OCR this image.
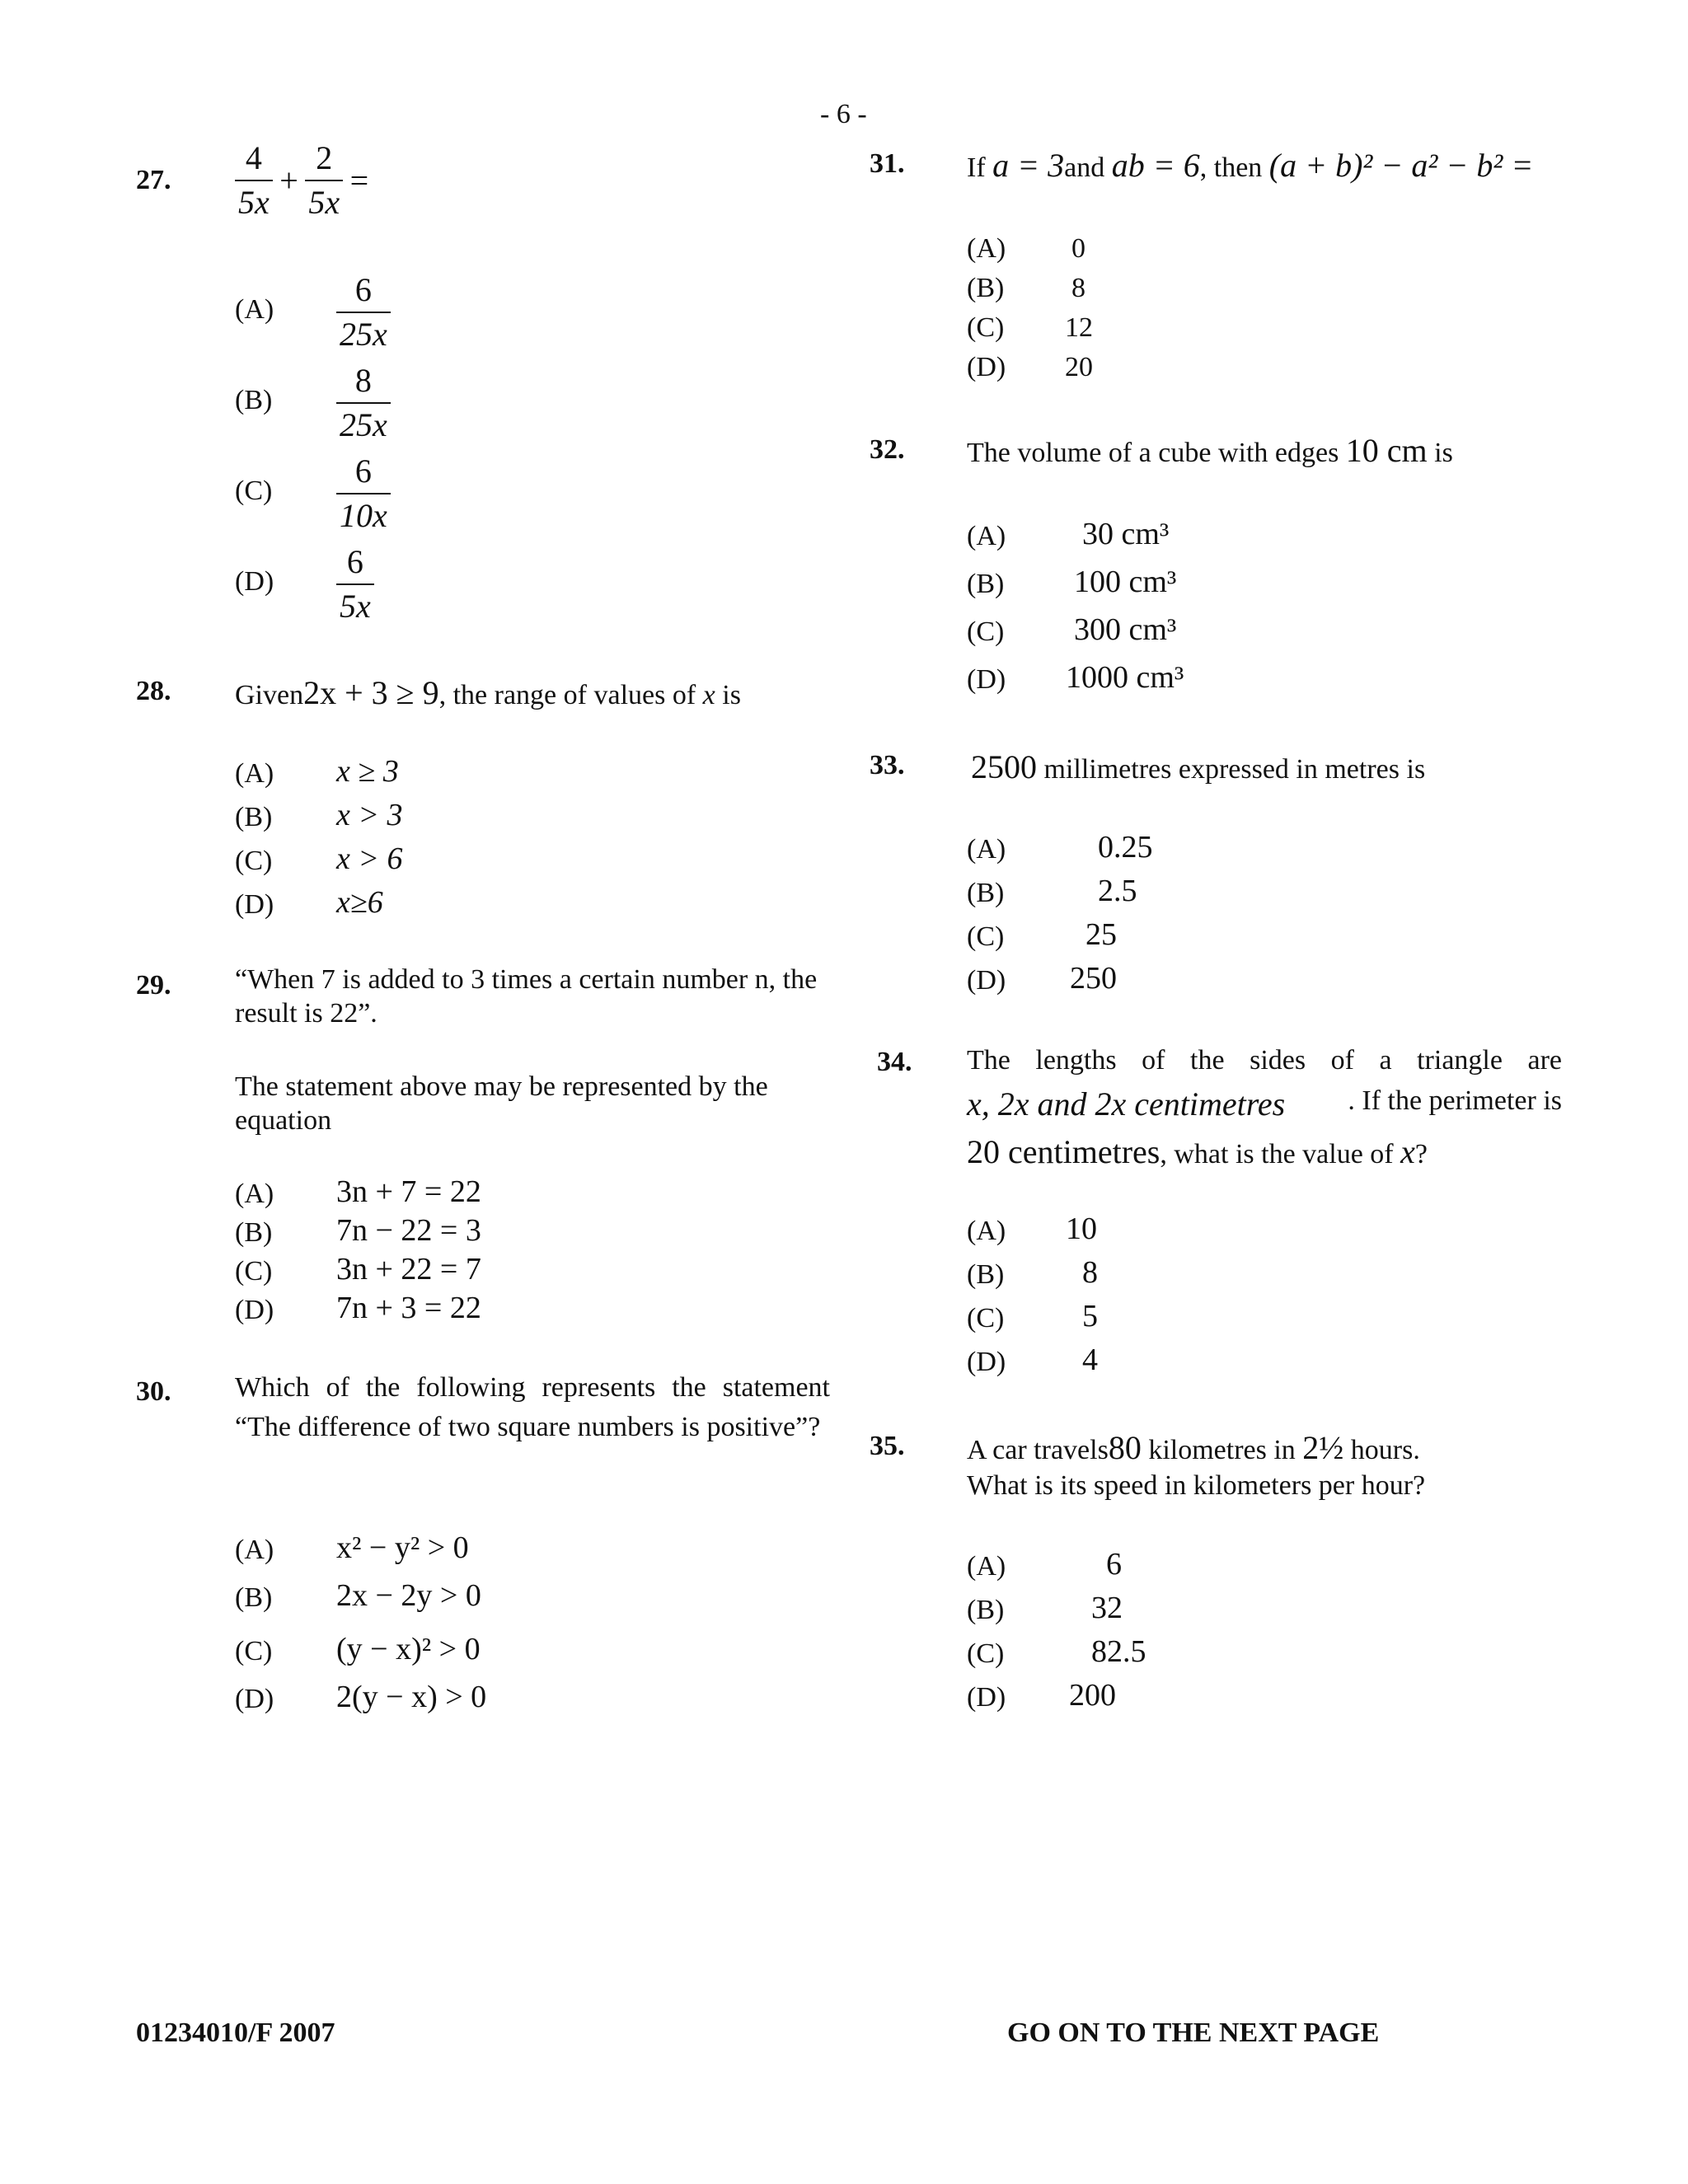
- 6 -
27. $\frac{4}{5x} + \frac{2}{5x}$ =
$(A) \frac{6}{25x}$
$(B) \frac{8}{25x}$
$(C) \frac{6}{10x}$
$(D) \frac{6}{5x}$
28. Given2x + 3 ≥ 9, the range of values of x is
(A) x ≥ 3
(B) x > 3
(C) x > 6
(D) x≥6
29. “When 7 is added to 3 times a certain number n, the result is 22”.
The statement above may be represented by the equation
(A) 3n + 7 = 22
(B) 7n − 22 = 3
(C) 3n + 22 = 7
(D) 7n + 3 = 22
30. Which of the following represents the statement “The difference of two square numbers is positive”?
(A) x² − y² > 0
(B) 2x − 2y > 0
(C) (y − x)² > 0
(D) 2(y − x) > 0
31. If a = 3and ab = 6, then (a + b)² − a² − b² =
(A) 0
(B) 8
(C) 12
(D) 20
32. The volume of a cube with edges 10 cm is
(A) 30 cm³
(B) 100 cm³
(C) 300 cm³
(D) 1000 cm³
33. 2500 millimetres expressed in metres is
(A)	0.25
(B)	2.5
(C)	25
(D) 250
34. The lengths of the sides of a triangle are
x, 2x and 2x centimetres . If the perimeter is
20 centimetres, what is the value of x?
(A) 10
(B) 8
(C) 5
(D) 4
35. A car travels80 kilometres in 2½ hours.
What is its speed in kilometers per hour?
(A)	6
(B)	32
(C)	82.5
(D) 200
01234010/F 2007	GO ON TO THE NEXT PAGE
